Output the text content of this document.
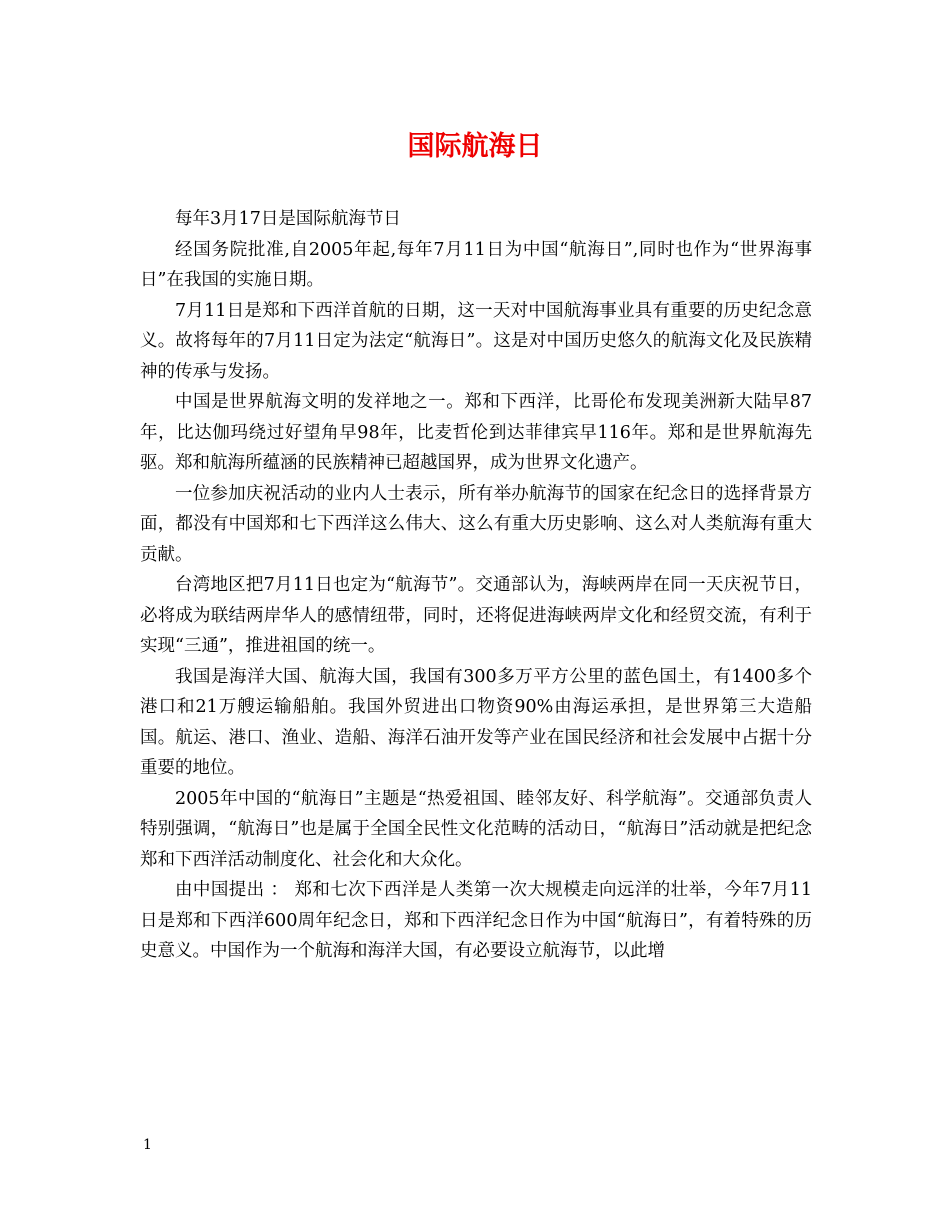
国际航海日

每年3月17日是国际航海节日

经国务院批准,自2005年起,每年7月11日为中国“航海日”,同时也作为“世界海事日”在我国的实施日期。

7月11日是郑和下西洋首航的日期，这一天对中国航海事业具有重要的历史纪念意义。故将每年的7月11日定为法定“航海日”。这是对中国历史悠久的航海文化及民族精神的传承与发扬。

中国是世界航海文明的发祥地之一。郑和下西洋，比哥伦布发现美洲新大陆早87年，比达伽玛绕过好望角早98年，比麦哲伦到达菲律宾早116年。郑和是世界航海先驱。郑和航海所蕴涵的民族精神已超越国界，成为世界文化遗产。

一位参加庆祝活动的业内人士表示，所有举办航海节的国家在纪念日的选择背景方面，都没有中国郑和七下西洋这么伟大、这么有重大历史影响、这么对人类航海有重大贡献。

台湾地区把7月11日也定为“航海节”。交通部认为，海峡两岸在同一天庆祝节日，必将成为联结两岸华人的感情纽带，同时，还将促进海峡两岸文化和经贸交流，有利于实现“三通”，推进祖国的统一。

我国是海洋大国、航海大国，我国有300多万平方公里的蓝色国土，有1400多个港口和21万艘运输船舶。我国外贸进出口物资90%由海运承担，是世界第三大造船国。航运、港口、渔业、造船、海洋石油开发等产业在国民经济和社会发展中占据十分重要的地位。

2005年中国的“航海日”主题是“热爱祖国、睦邻友好、科学航海”。交通部负责人特别强调，“航海日”也是属于全国全民性文化范畴的活动日，“航海日”活动就是把纪念郑和下西洋活动制度化、社会化和大众化。

由中国提出 ： 郑和七次下西洋是人类第一次大规模走向远洋的壮举，今年7月11日是郑和下西洋600周年纪念日，郑和下西洋纪念日作为中国“航海日”，有着特殊的历史意义。中国作为一个航海和海洋大国，有必要设立航海节，以此增

1
